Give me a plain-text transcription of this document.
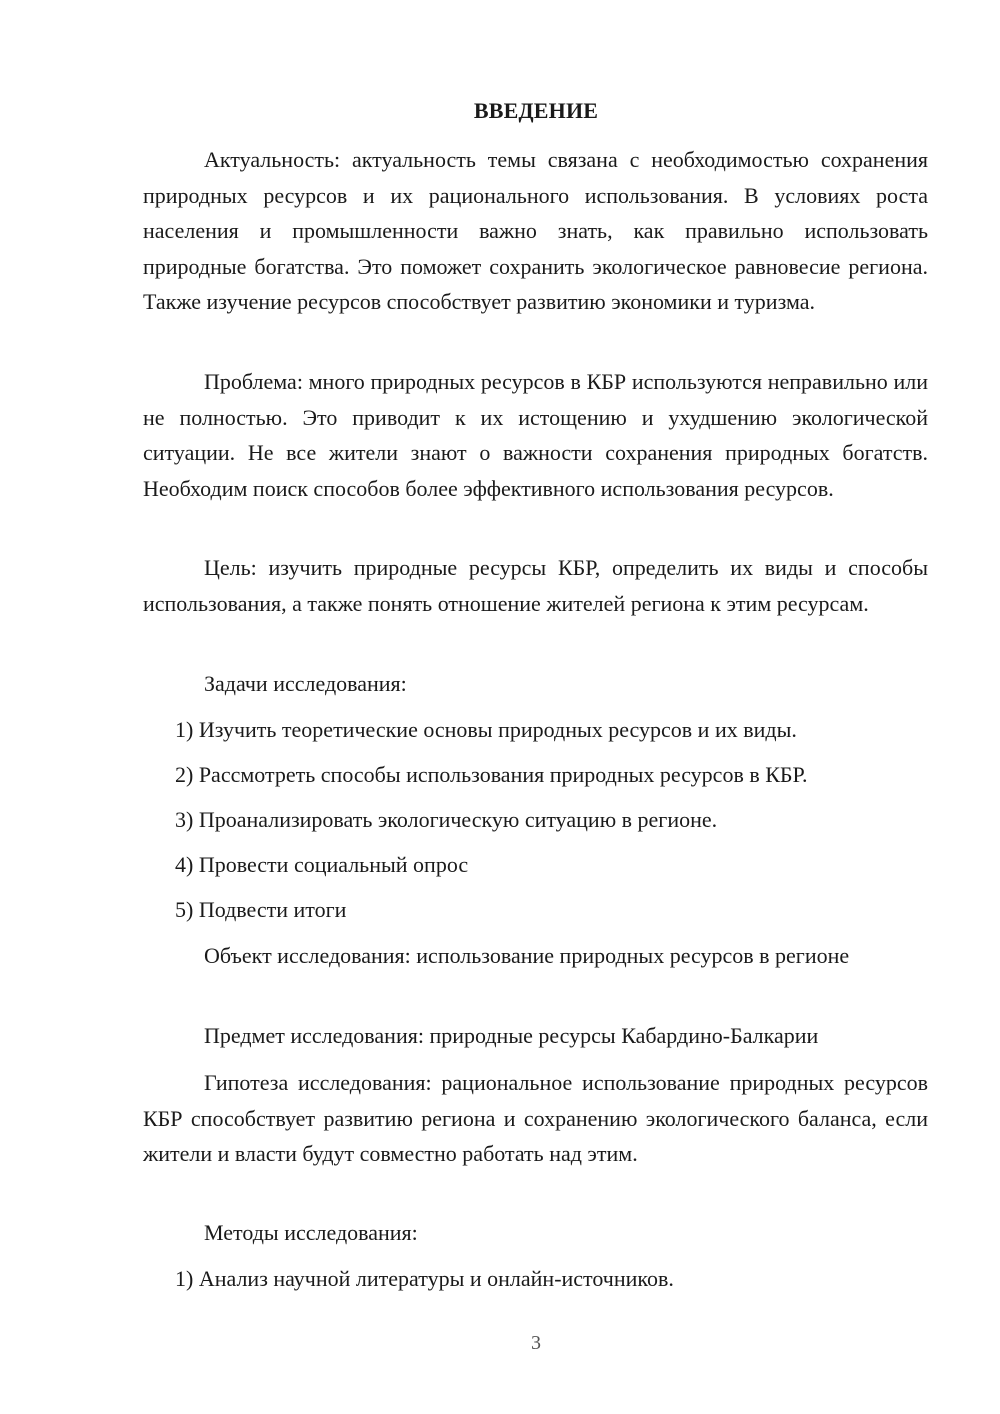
ВВЕДЕНИЕ

Актуальность: актуальность темы связана с необходимостью сохранения природных ресурсов и их рационального использования. В условиях роста населения и промышленности важно знать, как правильно использовать природные богатства. Это поможет сохранить экологическое равновесие региона. Также изучение ресурсов способствует развитию экономики и туризма.

Проблема: много природных ресурсов в КБР используются неправильно или не полностью. Это приводит к их истощению и ухудшению экологической ситуации. Не все жители знают о важности сохранения природных богатств. Необходим поиск способов более эффективного использования ресурсов.

Цель: изучить природные ресурсы КБР, определить их виды и способы использования, а также понять отношение жителей региона к этим ресурсам.

Задачи исследования:

1) Изучить теоретические основы природных ресурсов и их виды.

2) Рассмотреть способы использования природных ресурсов в КБР.

3) Проанализировать экологическую ситуацию в регионе.

4) Провести социальный опрос

5) Подвести итоги

Объект исследования: использование природных ресурсов в регионе

Предмет исследования: природные ресурсы Кабардино-Балкарии

Гипотеза исследования: рациональное использование природных ресурсов КБР способствует развитию региона и сохранению экологического баланса, если жители и власти будут совместно работать над этим.

Методы исследования:

1) Анализ научной литературы и онлайн-источников.

3
